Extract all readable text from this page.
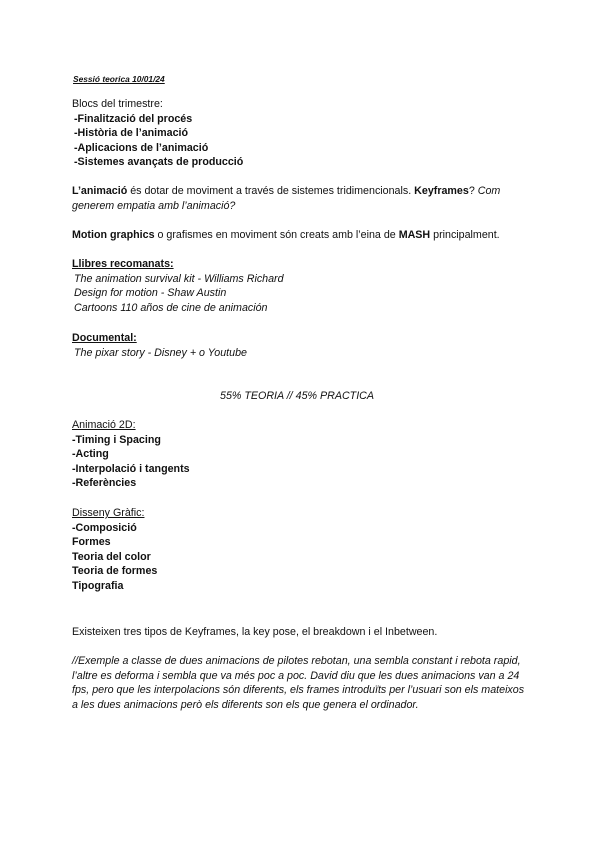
Sessió teorica 10/01/24
Blocs del trimestre:
-Finalització del procés
-Història de l’animació
-Aplicacions de l’animació
-Sistemes avançats de producció
L’animació és dotar de moviment a través de sistemes tridimencionals. Keyframes? Com generem empatia amb l’animació?
Motion graphics o grafismes en moviment són creats amb l’eina de MASH principalment.
Llibres recomanats:
The animation survival kit - Williams Richard
Design for motion - Shaw Austin
Cartoons 110 años de cine de animación
Documental:
The pixar story - Disney + o Youtube
55% TEORIA // 45% PRACTICA
Animació 2D:
-Timing i Spacing
-Acting
-Interpolació i tangents
-Referències
Disseny Gràfic:
-Composició
Formes
Teoria del color
Teoria de formes
Tipografia
Existeixen tres tipos de Keyframes, la key pose, el breakdown i el Inbetween.
//Exemple a classe de dues animacions de pilotes rebotan, una sembla constant i rebota rapid, l’altre es deforma i sembla que va més poc a poc. David diu que les dues animacions van a 24 fps, pero que les interpolacions són diferents, els frames introduïts per l’usuari son els mateixos a les dues animacions però els diferents son els que genera el ordinador.
